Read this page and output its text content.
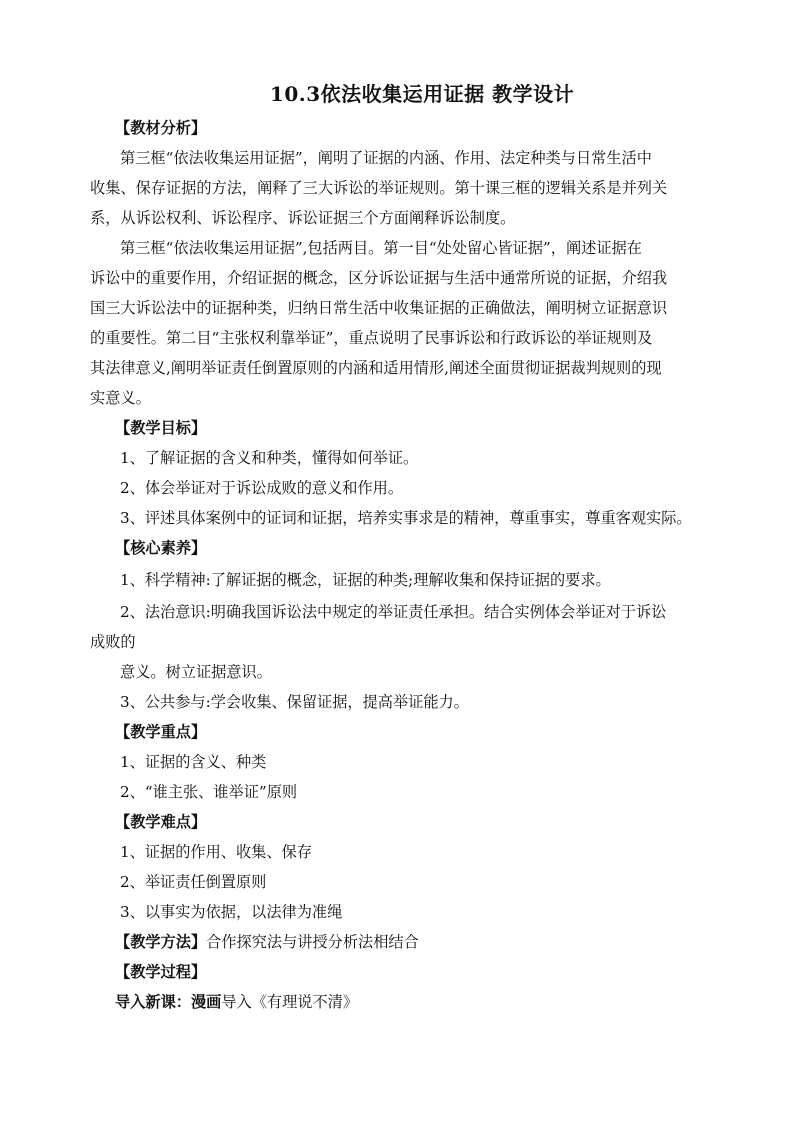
10.3依法收集运用证据 教学设计
【教材分析】
第三框“依法收集运用证据”，阐明了证据的内涵、作用、法定种类与日常生活中
收集、保存证据的方法，阐释了三大诉讼的举证规则。第十课三框的逻辑关系是并列关
系，从诉讼权利、诉讼程序、诉讼证据三个方面阐释诉讼制度。
第三框“依法收集运用证据”,包括两目。第一目“处处留心皆证据”，阐述证据在
诉讼中的重要作用，介绍证据的概念，区分诉讼证据与生活中通常所说的证据，介绍我
国三大诉讼法中的证据种类，归纳日常生活中收集证据的正确做法，阐明树立证据意识
的重要性。第二目“主张权利靠举证”，重点说明了民事诉讼和行政诉讼的举证规则及
其法律意义,阐明举证责任倒置原则的内涵和适用情形,阐述全面贯彻证据裁判规则的现
实意义。
【教学目标】
1、了解证据的含义和种类，懂得如何举证。
2、体会举证对于诉讼成败的意义和作用。
3、评述具体案例中的证词和证据，培养实事求是的精神，尊重事实，尊重客观实际。
【核心素养】
1、科学精神:了解证据的概念，证据的种类;理解收集和保持证据的要求。
2、法治意识:明确我国诉讼法中规定的举证责任承担。结合实例体会举证对于诉讼
成败的
意义。树立证据意识。
3、公共参与:学会收集、保留证据，提高举证能力。
【教学重点】
1、证据的含义、种类
2、“谁主张、谁举证”原则
【教学难点】
1、证据的作用、收集、保存
2、举证责任倒置原则
3、以事实为依据，以法律为准绳
【教学方法】合作探究法与讲授分析法相结合
【教学过程】
导入新课：漫画导入《有理说不清》
